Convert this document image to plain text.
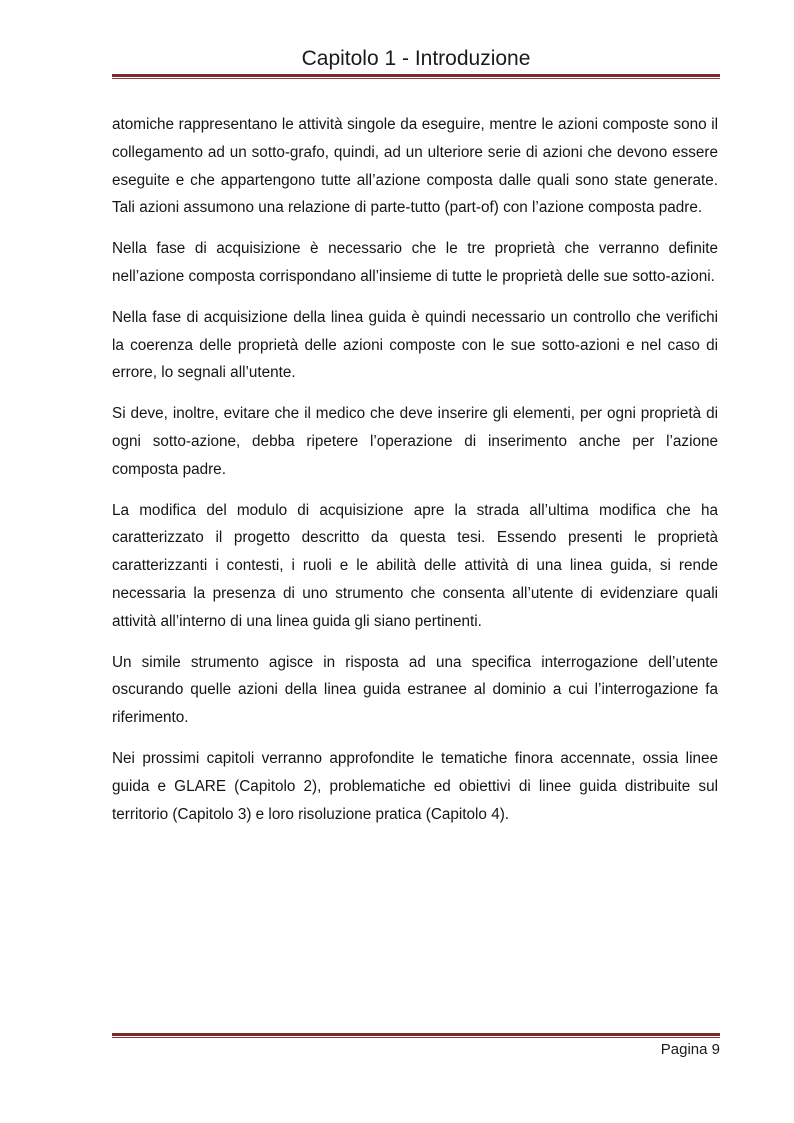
Capitolo 1 - Introduzione

atomiche rappresentano le attività singole da eseguire, mentre le azioni composte sono il collegamento ad un sotto-grafo, quindi, ad un ulteriore serie di azioni che devono essere eseguite e che appartengono tutte all’azione composta dalle quali sono state generate. Tali azioni assumono una relazione di parte-tutto (part-of) con l’azione composta padre.

Nella fase di acquisizione è necessario che le tre proprietà che verranno definite nell’azione composta corrispondano all’insieme di tutte le proprietà delle sue sotto-azioni.

Nella fase di acquisizione della linea guida è quindi necessario un controllo che verifichi la coerenza delle proprietà delle azioni composte con le sue sotto-azioni e nel caso di errore, lo segnali all’utente.

Si deve, inoltre, evitare che il medico che deve inserire gli elementi, per ogni proprietà di ogni sotto-azione, debba ripetere l’operazione di inserimento anche per l’azione composta padre.

La modifica del modulo di acquisizione apre la strada all’ultima modifica che ha caratterizzato il progetto descritto da questa tesi. Essendo presenti le proprietà caratterizzanti i contesti, i ruoli e le abilità delle attività di una linea guida, si rende necessaria la presenza di uno strumento che consenta all’utente di evidenziare quali attività all’interno di una linea guida gli siano pertinenti.

Un simile strumento agisce in risposta ad una specifica interrogazione dell’utente oscurando quelle azioni della linea guida estranee al dominio a cui l’interrogazione fa riferimento.

Nei prossimi capitoli verranno approfondite le tematiche finora accennate, ossia linee guida e GLARE (Capitolo 2), problematiche ed obiettivi di linee guida distribuite sul territorio (Capitolo 3) e loro risoluzione pratica (Capitolo 4).

Pagina 9
